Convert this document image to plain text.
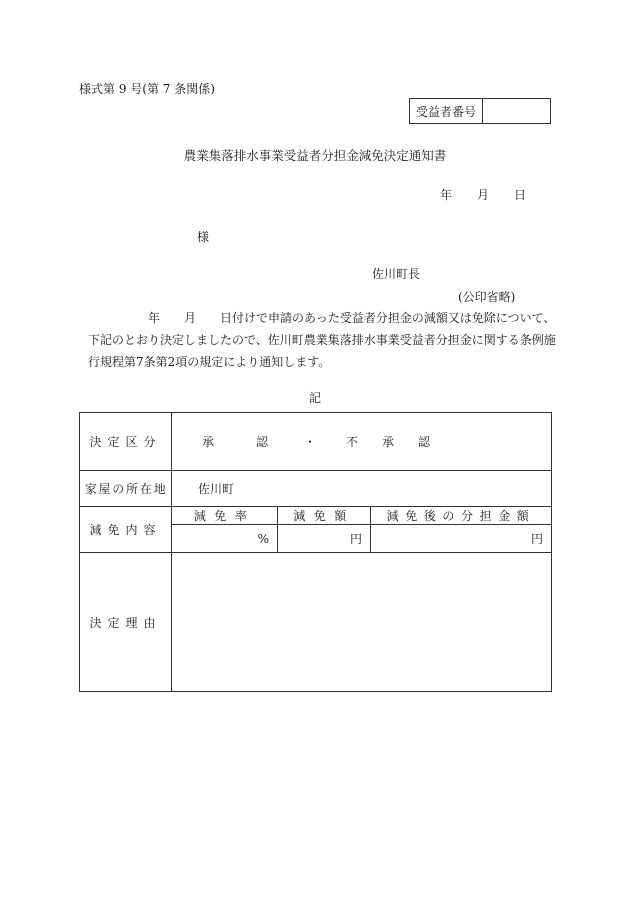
様式第 9 号(第 7 条関係)
受益者番号
農業集落排水事業受益者分担金減免決定通知書
年 月 日
様
佐川町長
(公印省略)
年 月 日付けで申請のあった受益者分担金の減額又は免除について、
下記のとおり決定しましたので、佐川町農業集落排水事業受益者分担金に関する条例施
行規程第7条第2項の規定により通知します。
記
決定区分	承　　認 ・ 不　承　認		
家屋の所在地	佐川町		
減免内容	減免率	減免額	減免後の分担金額
	%	円	円
決定理由			
